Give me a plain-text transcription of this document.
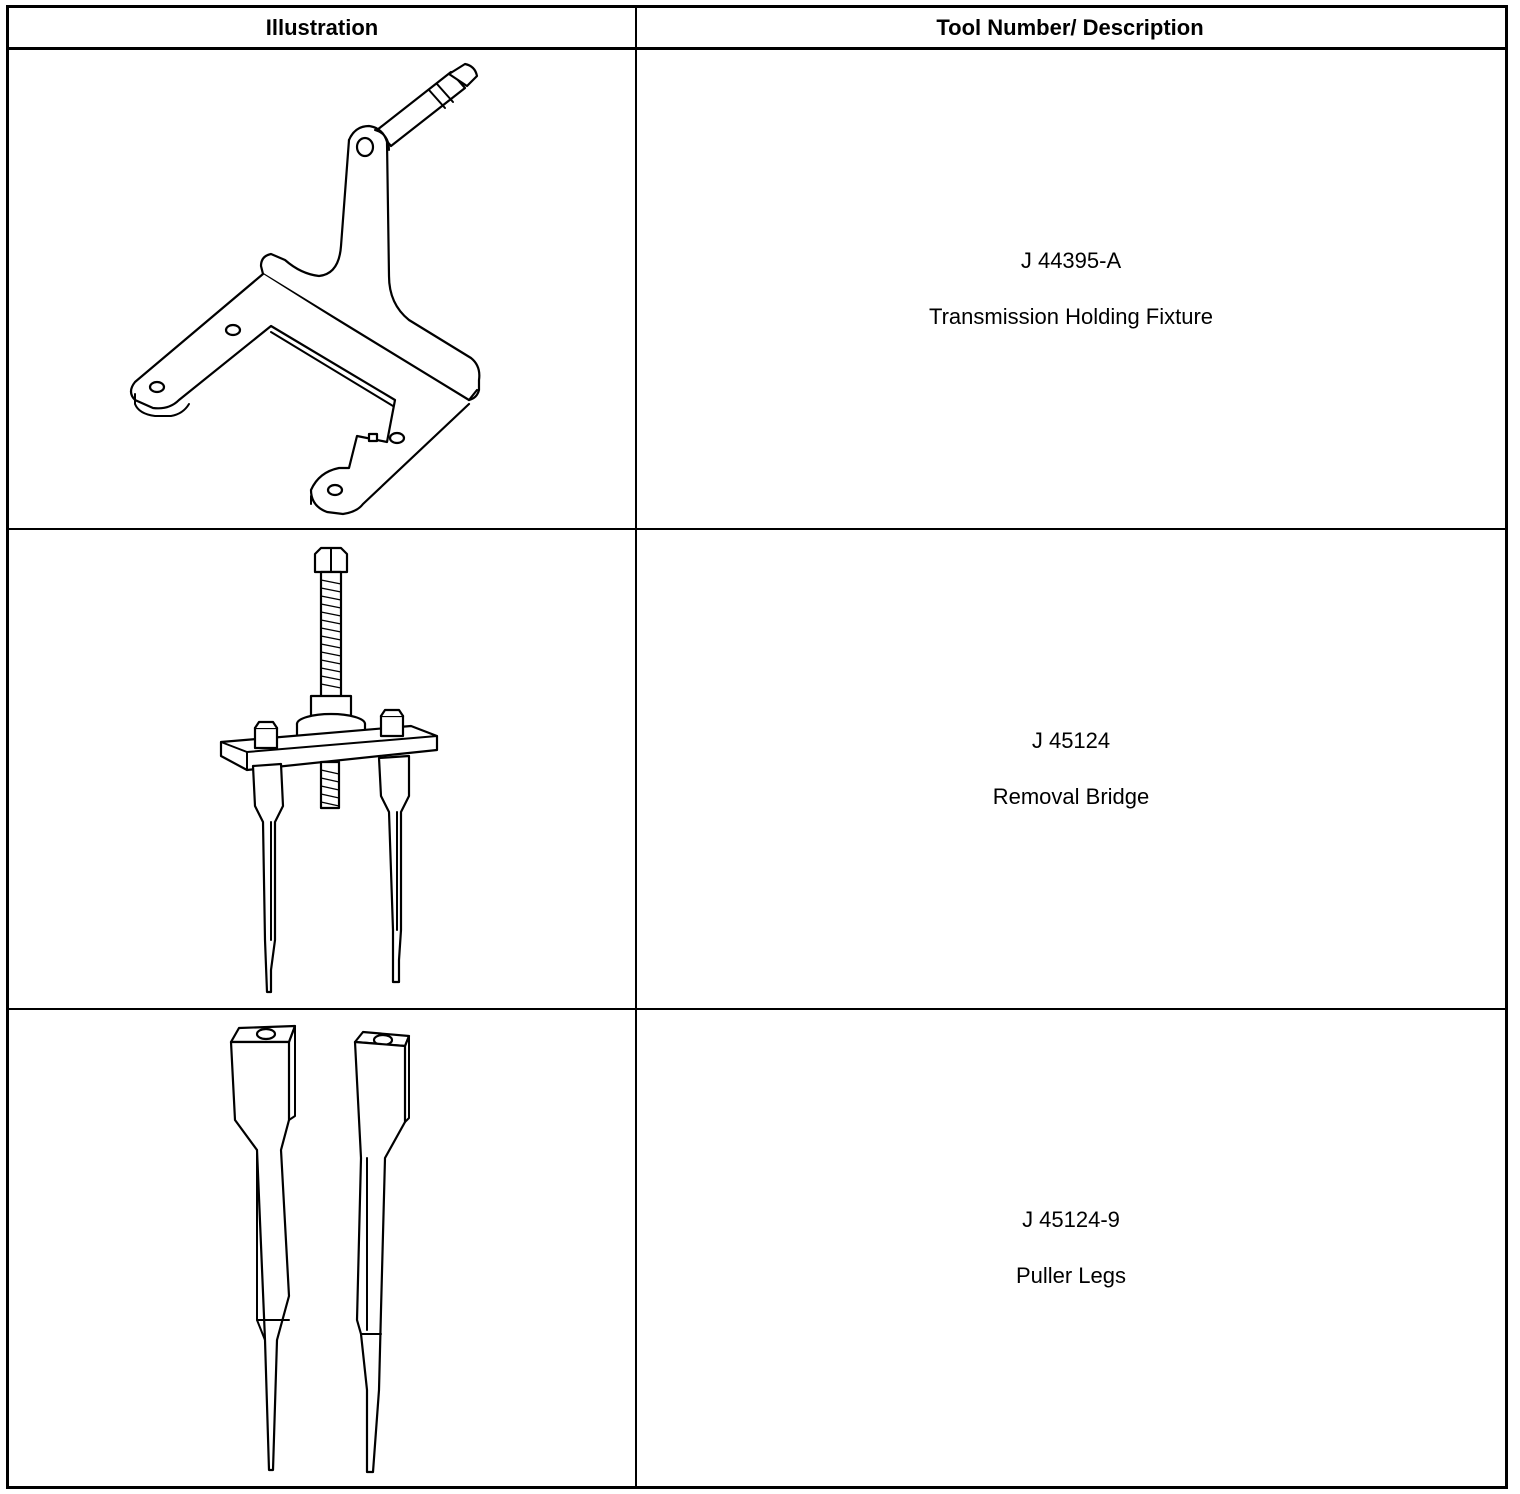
Illustration	Tool Number/ Description
J 44395-A
Transmission Holding Fixture
J 45124
Removal Bridge
J 45124-9
Puller Legs
